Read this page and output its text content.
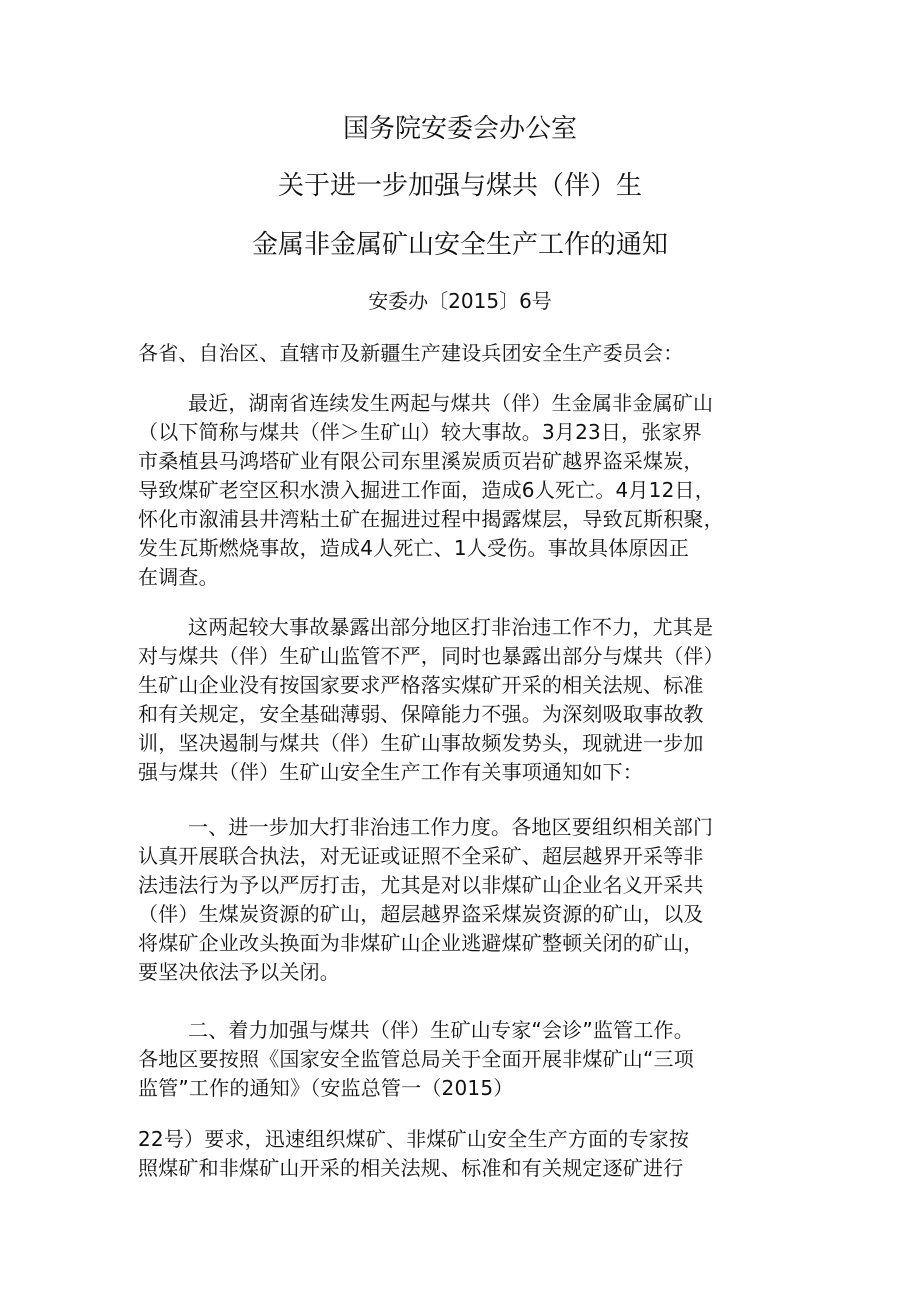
国务院安委会办公室
关于进一步加强与煤共（伴）生
金属非金属矿山安全生产工作的通知
安委办〔2015〕6号
各省、自治区、直辖市及新疆生产建设兵团安全生产委员会：
最近，湖南省连续发生两起与煤共（伴）生金属非金属矿山
（以下简称与煤共（伴＞生矿山）较大事故。3月23日，张家界
市桑植县马鸿塔矿业有限公司东里溪炭质页岩矿越界盗采煤炭，
导致煤矿老空区积水溃入掘进工作面，造成6人死亡。4月12日，
怀化市溆浦县井湾粘土矿在掘进过程中揭露煤层，导致瓦斯积聚，
发生瓦斯燃烧事故，造成4人死亡、1人受伤。事故具体原因正
在调查。
这两起较大事故暴露出部分地区打非治违工作不力，尤其是
对与煤共（伴）生矿山监管不严，同时也暴露出部分与煤共（伴）
生矿山企业没有按国家要求严格落实煤矿开采的相关法规、标准
和有关规定，安全基础薄弱、保障能力不强。为深刻吸取事故教
训，坚决遏制与煤共（伴）生矿山事故频发势头，现就进一步加
强与煤共（伴）生矿山安全生产工作有关事项通知如下：
一、进一步加大打非治违工作力度。各地区要组织相关部门
认真开展联合执法，对无证或证照不全采矿、超层越界开采等非
法违法行为予以严厉打击，尤其是对以非煤矿山企业名义开采共
（伴）生煤炭资源的矿山，超层越界盗采煤炭资源的矿山，以及
将煤矿企业改头换面为非煤矿山企业逃避煤矿整顿关闭的矿山，
要坚决依法予以关闭。
二、着力加强与煤共（伴）生矿山专家“会诊”监管工作。
各地区要按照《国家安全监管总局关于全面开展非煤矿山“三项
监管”工作的通知》（安监总管一（2015）
22号）要求，迅速组织煤矿、非煤矿山安全生产方面的专家按
照煤矿和非煤矿山开采的相关法规、标准和有关规定逐矿进行
